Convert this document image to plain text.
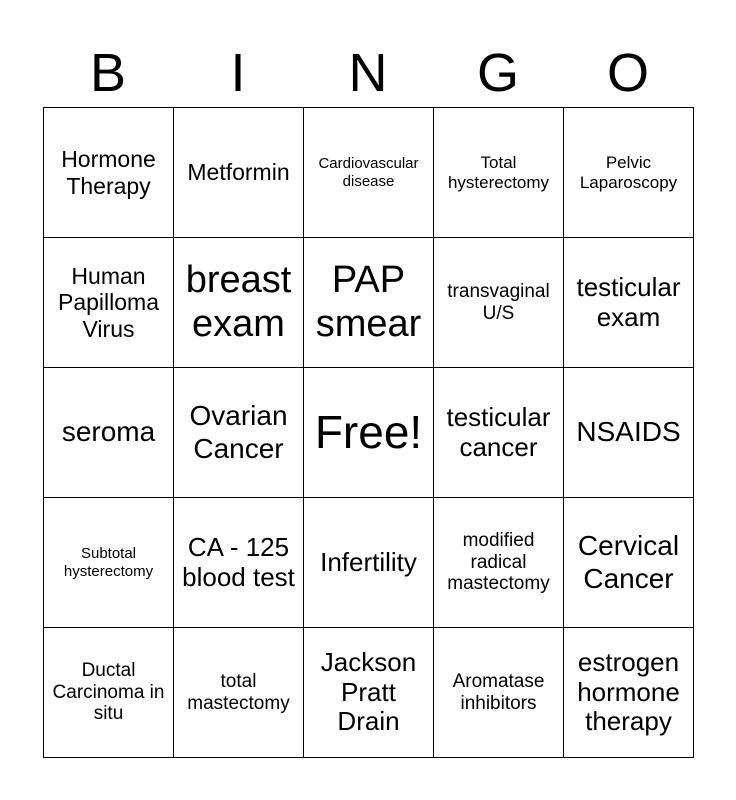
B	I	N	G	O
Hormone Therapy	Metformin	Cardiovascular disease	Total hysterectomy	Pelvic Laparoscopy

Human Papilloma Virus	breast exam	PAP smear	transvaginal U/S	testicular exam

seroma	Ovarian Cancer	Free!	testicular cancer	NSAIDS

Subtotal hysterectomy	CA - 125 blood test	Infertility	modified radical mastectomy	Cervical Cancer

Ductal Carcinoma in situ	total mastectomy	Jackson Pratt Drain	Aromatase inhibitors	estrogen hormone therapy
